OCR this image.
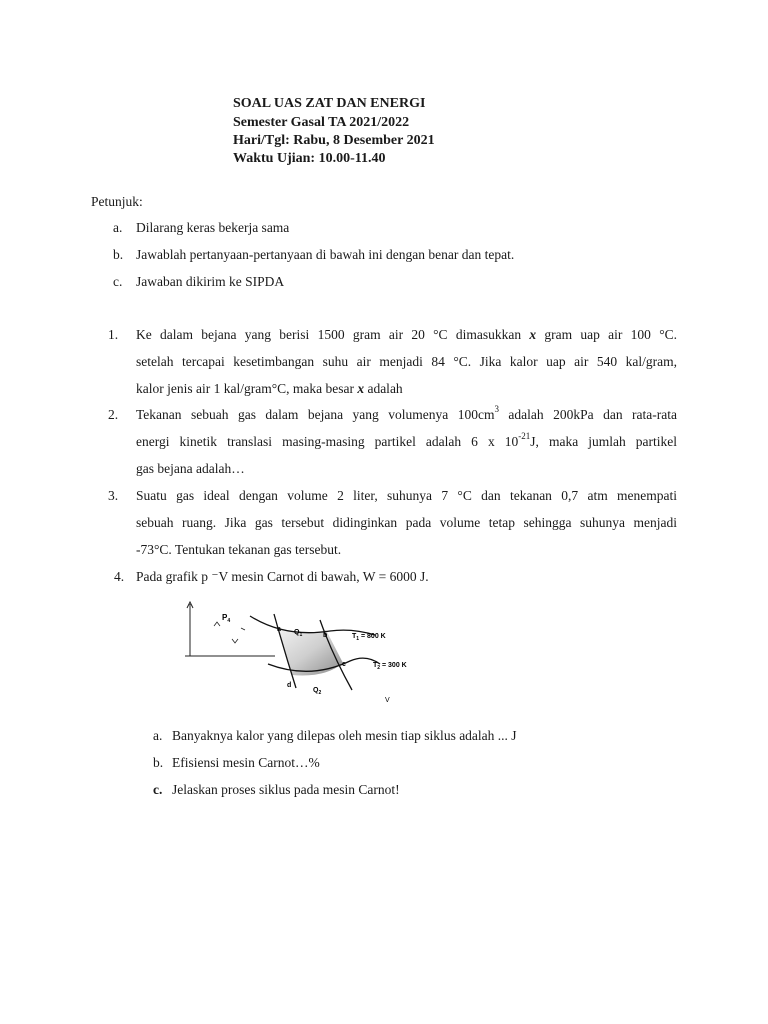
SOAL UAS ZAT DAN ENERGI
Semester Gasal TA 2021/2022
Hari/Tgl: Rabu, 8 Desember 2021
Waktu Ujian: 10.00-11.40
Petunjuk:
a. Dilarang keras bekerja sama
b. Jawablah pertanyaan-pertanyaan di bawah ini dengan benar dan tepat.
c. Jawaban dikirim ke SIPDA
1. Ke dalam bejana yang berisi 1500 gram air 20 °C dimasukkan x gram uap air 100 °C.
setelah tercapai kesetimbangan suhu air menjadi 84 °C. Jika kalor uap air 540 kal/gram,
kalor jenis air 1 kal/gram°C, maka besar x adalah
2. Tekanan sebuah gas dalam bejana yang volumenya $100cm^3$ adalah 200kPa dan rata-rata
energi kinetik translasi masing-masing partikel adalah 6 x $10^{-21}J$, maka jumlah partikel
gas bejana adalah…
3. Suatu gas ideal dengan volume 2 liter, suhunya 7 °C dan tekanan 0,7 atm menempati
sebuah ruang. Jika gas tersebut didinginkan pada volume tetap sehingga suhunya menjadi
-73°C. Tentukan tekanan gas tersebut.
4. Pada grafik p ⁻V mesin Carnot di bawah, W = 6000 J.
$P_4$
a
b
c
d
$Q_1$
$Q_2$
$T_1 = 800$ K
$T_2 = 300$ K
V
a. Banyaknya kalor yang dilepas oleh mesin tiap siklus adalah ... J
b. Efisiensi mesin Carnot…%
c. Jelaskan proses siklus pada mesin Carnot!
